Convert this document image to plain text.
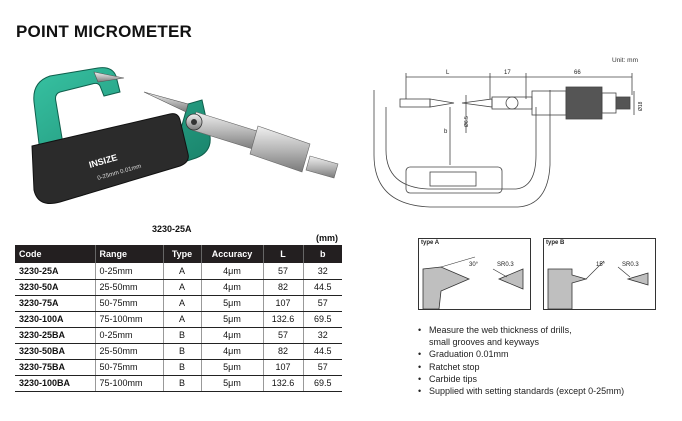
POINT MICROMETER
INSIZE
0-25mm 0.01mm
3230-25A
L	17	66
b
Ø6.5
Ø18
Unit: mm
(mm)
Code	Range	Type	Accuracy	L	b
3230-25A	0-25mm	A	4μm	57	32
3230-50A	25-50mm	A	4μm	82	44.5
3230-75A	50-75mm	A	5μm	107	57
3230-100A	75-100mm	A	5μm	132.6	69.5
3230-25BA	0-25mm	B	4μm	57	32
3230-50BA	25-50mm	B	4μm	82	44.5
3230-75BA	50-75mm	B	5μm	107	57
3230-100BA	75-100mm	B	5μm	132.6	69.5
type A
30°	SR0.3
type B
15°	SR0.3
• Measure the web thickness of drills,
small grooves and keyways
• Graduation 0.01mm
• Ratchet stop
• Carbide tips
• Supplied with setting standards (except 0-25mm)
